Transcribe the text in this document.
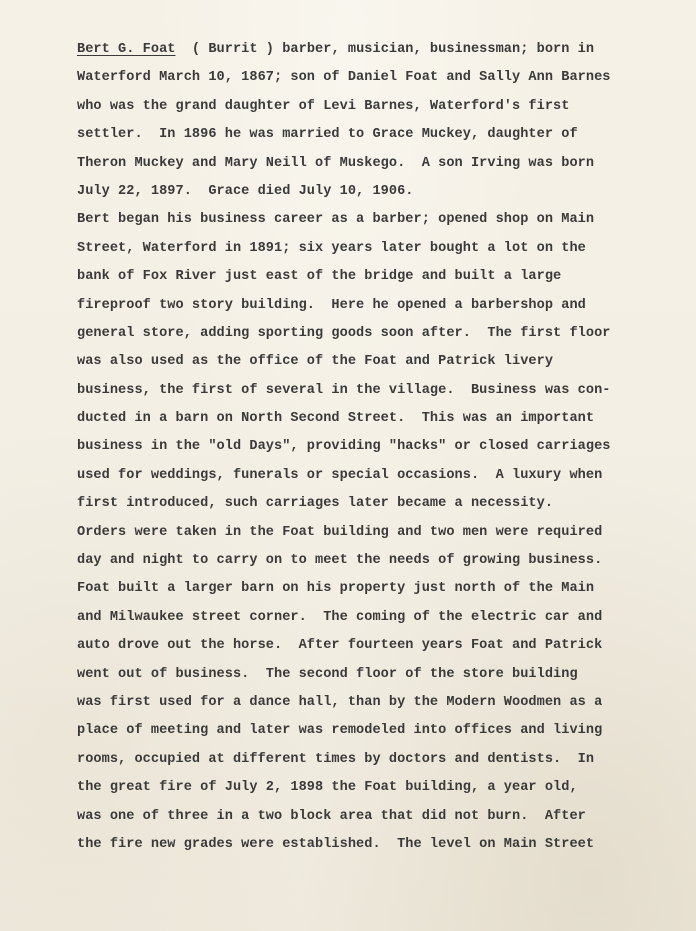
Bert G. Foat  ( Burrit ) barber, musician, businessman; born in
Waterford March 10, 1867; son of Daniel Foat and Sally Ann Barnes
who was the grand daughter of Levi Barnes, Waterford's first
settler.  In 1896 he was married to Grace Muckey, daughter of
Theron Muckey and Mary Neill of Muskego.  A son Irving was born
July 22, 1897.  Grace died July 10, 1906.
Bert began his business career as a barber; opened shop on Main
Street, Waterford in 1891; six years later bought a lot on the
bank of Fox River just east of the bridge and built a large
fireproof two story building.  Here he opened a barbershop and
general store, adding sporting goods soon after.  The first floor
was also used as the office of the Foat and Patrick livery
business, the first of several in the village.  Business was con-
ducted in a barn on North Second Street.  This was an important
business in the "old Days", providing "hacks" or closed carriages
used for weddings, funerals or special occasions.  A luxury when
first introduced, such carriages later became a necessity.
Orders were taken in the Foat building and two men were required
day and night to carry on to meet the needs of growing business.
Foat built a larger barn on his property just north of the Main
and Milwaukee street corner.  The coming of the electric car and
auto drove out the horse.  After fourteen years Foat and Patrick
went out of business.  The second floor of the store building
was first used for a dance hall, than by the Modern Woodmen as a
place of meeting and later was remodeled into offices and living
rooms, occupied at different times by doctors and dentists.  In
the great fire of July 2, 1898 the Foat building, a year old,
was one of three in a two block area that did not burn.  After
the fire new grades were established.  The level on Main Street
